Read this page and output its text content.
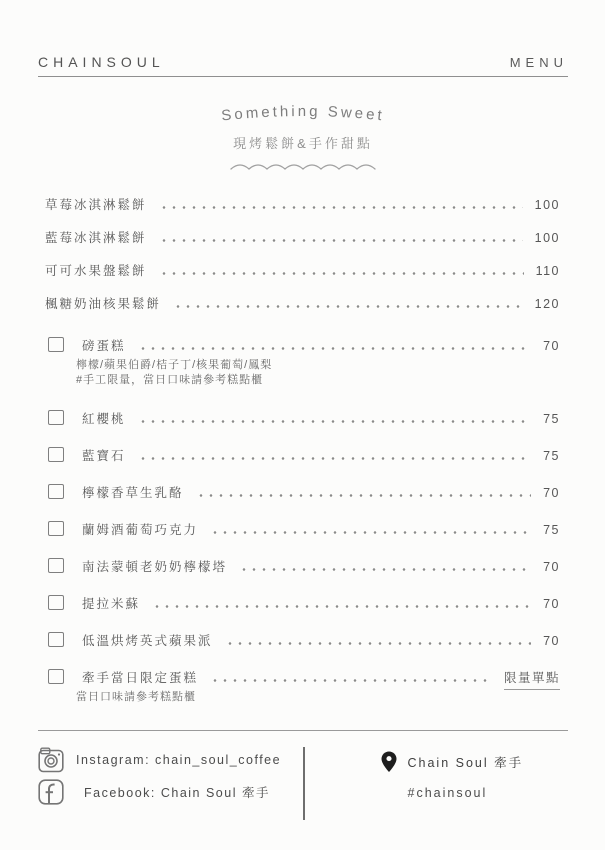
CHAINSOUL	MENU
Something Sweet
現烤鬆餅&手作甜點
草莓冰淇淋鬆餅	100
藍莓冰淇淋鬆餅	100
可可水果盤鬆餅	110
楓糖奶油核果鬆餅	120
磅蛋糕	70
檸檬/蘋果伯爵/桔子丁/核果葡萄/鳳梨
#手工限量，當日口味請參考糕點櫃
紅櫻桃	75
藍寶石	75
檸檬香草生乳酪	70
蘭姆酒葡萄巧克力	75
南法蒙頓老奶奶檸檬塔	70
提拉米蘇	70
低溫烘烤英式蘋果派	70
牽手當日限定蛋糕	限量單點
當日口味請參考糕點櫃
Instagram: chain_soul_coffee
Facebook: Chain Soul 牽手
Chain Soul 牽手
#chainsoul
